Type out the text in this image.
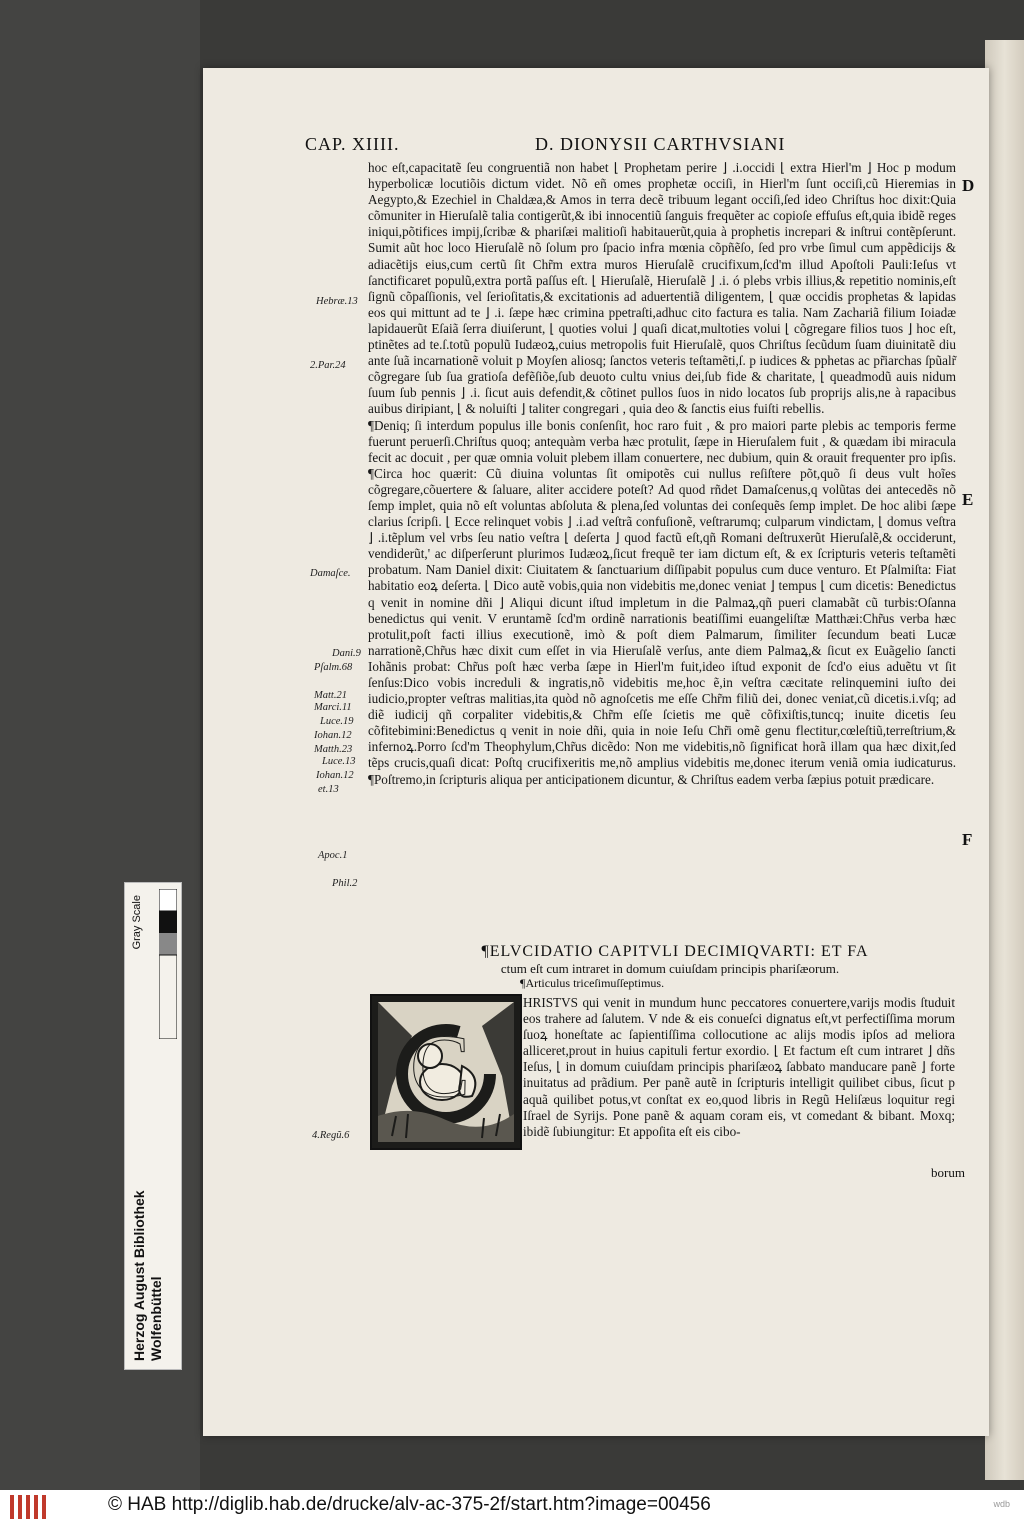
CAP. XIIII.	D. DIONYSII CARTHVSIANI
D
E
F

hoc eſt,capacitatẽ ſeu congruentiã non habet ⌊ Prophetam perire ⌋ .i.occidi ⌊ extra Hierl'm ⌋ Hoc p modum hyperbolicæ locutiõis dictum videt. Nõ eñ omes prophetæ occiſi, in Hierl'm ſunt occiſi,cũ Hieremias in Aegypto,& Ezechiel in Chaldæa,& Amos in terra decẽ tribuum legant occiſi,ſed ideo Chriſtus hoc dixit:Quia cõmuniter in Hieruſalẽ talia contigerũt,& ibi innocentiũ ſanguis frequẽter ac copioſe effuſus eſt,quia ibidẽ reges iniqui,põtifices impij,ſcribæ & phariſæi malitioſi habitauerũt,quia à prophetis increpari & inſtrui contẽpſerunt. Sumit aũt hoc loco Hieruſalẽ nõ ſolum pro ſpacio infra mœnia cõpñẽſo, ſed pro vrbe ſimul cum appẽdicijs & adiacẽtijs eius,cum certũ ſit Chr̃m extra muros Hieruſalẽ crucifixum,ſcd'm illud Apoſtoli Pauli:Ieſus vt ſanctificaret populũ,extra portã paſſus eſt. ⌊ Hieruſalẽ, Hieruſalẽ ⌋ .i. ó plebs vrbis illius,& repetitio nominis,eſt ſignũ cõpaſſionis, vel ſerioſitatis,& excitationis ad aduertentiã diligentem, ⌊ quæ occidis prophetas & lapidas eos qui mittunt ad te ⌋ .i. ſæpe hæc crimina ppetraſti,adhuc cito factura es talia. Nam Zachariã filium Ioiadæ lapidauerũt Eſaiã ſerra diuiſerunt, ⌊ quoties volui ⌋ quaſi dicat,multoties volui ⌊ cõgregare filios tuos ⌋ hoc eſt, ptinẽtes ad te.ſ.totũ populũ Iudæoꝝ,cuius metropolis fuit Hieruſalẽ, quos Chriſtus ſecũdum ſuam diuinitatẽ diu ante ſuã incarnationẽ voluit p Moyſen aliosq; ſanctos veteris teſtamẽti,ſ. p iudices & pphetas ac pr̃iarchas ſpũalr̃ cõgregare ſub ſua gratioſa defẽſiõe,ſub deuoto cultu vnius dei,ſub fide & charitate, ⌊ queadmodũ auis nidum ſuum ſub pennis ⌋ .i. ſicut auis defendit,& cõtinet pullos ſuos in nido locatos ſub proprijs alis,ne à rapacibus auibus diripiant, ⌊ & noluiſti ⌋ taliter congregari , quia deo & ſanctis eius fuiſti rebellis.

¶Deniq; ſi interdum populus ille bonis conſenſit, hoc raro fuit , & pro maiori parte plebis ac temporis ferme fuerunt peruerſi.Chriſtus quoq; antequàm verba hæc protulit, ſæpe in Hieruſalem fuit , & quædam ibi miracula fecit ac docuit , per quæ omnia voluit plebem illam conuertere, nec dubium, quin & orauit frequenter pro ipſis. ¶Circa hoc quærit: Cũ diuina voluntas ſit omipotẽs cui nullus reſiſtere põt,quõ ſi deus vult hoĩes cõgregare,cõuertere & ſaluare, aliter accidere poteſt? Ad quod rñdet Damaſcenus,q volũtas dei antecedẽs nõ ſemp implet, quia nõ eſt voluntas abſoluta & plena,ſed voluntas dei conſequẽs ſemp implet. De hoc alibi ſæpe clarius ſcripſi. ⌊ Ecce relinquet vobis ⌋ .i.ad veſtrã confuſionẽ, veſtrarumq; culparum vindictam, ⌊ domus veſtra ⌋ .i.tẽplum vel vrbs ſeu natio veſtra ⌊ deſerta ⌋ quod factũ eſt,qñ Romani deſtruxerũt Hieruſalẽ,& occiderunt, vendiderũt,' ac diſperſerunt plurimos Iudæoꝝ,ſicut frequẽ ter iam dictum eſt, & ex ſcripturis veteris teſtamẽti probatum. Nam Daniel dixit: Ciuitatem & ſanctuarium diſſipabit populus cum duce venturo. Et Pſalmiſta: Fiat habitatio eoꝝ deſerta. ⌊ Dico autẽ vobis,quia non videbitis me,donec veniat ⌋ tempus ⌊ cum dicetis: Benedictus q venit in nomine dñi ⌋ Aliqui dicunt iſtud impletum in die Palmaꝝ,qñ pueri clamabãt cũ turbis:Oſanna benedictus qui venit. V eruntamẽ ſcd'm ordinẽ narrationis beatiſſimi euangeliſtæ Matthæi:Chr̃us verba hæc protulit,poſt facti illius executionẽ, imò & poſt diem Palmarum, ſimiliter ſecundum beati Lucæ narrationẽ,Chr̃us hæc dixit cum eſſet in via Hieruſalẽ verſus, ante diem Palmaꝝ,& ſicut ex Euãgelio ſancti Iohãnis probat: Chr̃us poſt hæc verba ſæpe in Hierl'm fuit,ideo iſtud exponit de ſcd'o eius aduẽtu vt ſit ſenſus:Dico vobis increduli & ingratis,nõ videbitis me,hoc ẽ,in veſtra cæcitate relinquemini iuſto dei iudicio,propter veſtras malitias,ita quòd nõ agnoſcetis me eſſe Chr̃m filiũ dei, donec veniat,cũ dicetis.i.vſq; ad diẽ iudicij qñ corpaliter videbitis,& Chr̃m eſſe ſcietis me quẽ cõfixiſtis,tuncq; inuite dicetis ſeu cõfitebimini:Benedictus q venit in noie dñi, quia in noie Ieſu Chr̃i omẽ genu flectitur,cœleſtiũ,terreſtrium,& infernoꝝ.Porro ſcd'm Theophylum,Chr̃us dicẽdo: Non me videbitis,nõ ſignificat horã illam qua hæc dixit,ſed tẽps crucis,quaſi dicat: Poſtq crucifixeritis me,nõ amplius videbitis me,donec iterum veniã omia iudicaturus. ¶Poſtremo,in ſcripturis aliqua per anticipationem dicuntur, & Chriſtus eadem verba ſæpius potuit prædicare.

Hebræ.13
2.Par.24
Damaſce.
Dani.9
Pſalm.68
Matt.21
Marci.11
Luce.19
Iohan.12
Matth.23
Luce.13
Iohan.12
et.13
Apoc.1
Phil.2
4.Regũ.6
¶ELVCIDATIO CAPITVLI DECIMIQVARTI: ET FA
ctum eſt cum intraret in domum cuiuſdam principis phariſæorum.
¶Articulus triceſimuſſeptimus.
C

HRISTVS qui venit in mundum hunc peccatores conuertere,varijs modis ſtuduit eos trahere ad ſalutem. V nde & eis conueſci dignatus eſt,vt perfectiſſima morum ſuoꝝ honeſtate ac ſapientiſſima collocutione ac alijs modis ipſos ad meliora alliceret,prout in huius capituli fertur exordio. ⌊ Et factum eſt cum intraret ⌋ dñs Ieſus, ⌊ in domum cuiuſdam principis phariſæoꝝ ſabbato manducare panẽ ⌋ forte inuitatus ad prãdium. Per panẽ autẽ in ſcripturis intelligit quilibet cibus, ſicut p aquã quilibet potus,vt conſtat ex eo,quod libris in Regũ Heliſæus loquitur regi Iſrael de Syrijs. Pone panẽ & aquam coram eis, vt comedant & bibant. Moxq; ibidẽ ſubiungitur: Et appoſita eſt eis cibo-

borum
Herzog August Bibliothek
Wolfenbüttel
Gray Scale
© HAB http://diglib.hab.de/drucke/alv-ac-375-2f/start.htm?image=00456	wdb
